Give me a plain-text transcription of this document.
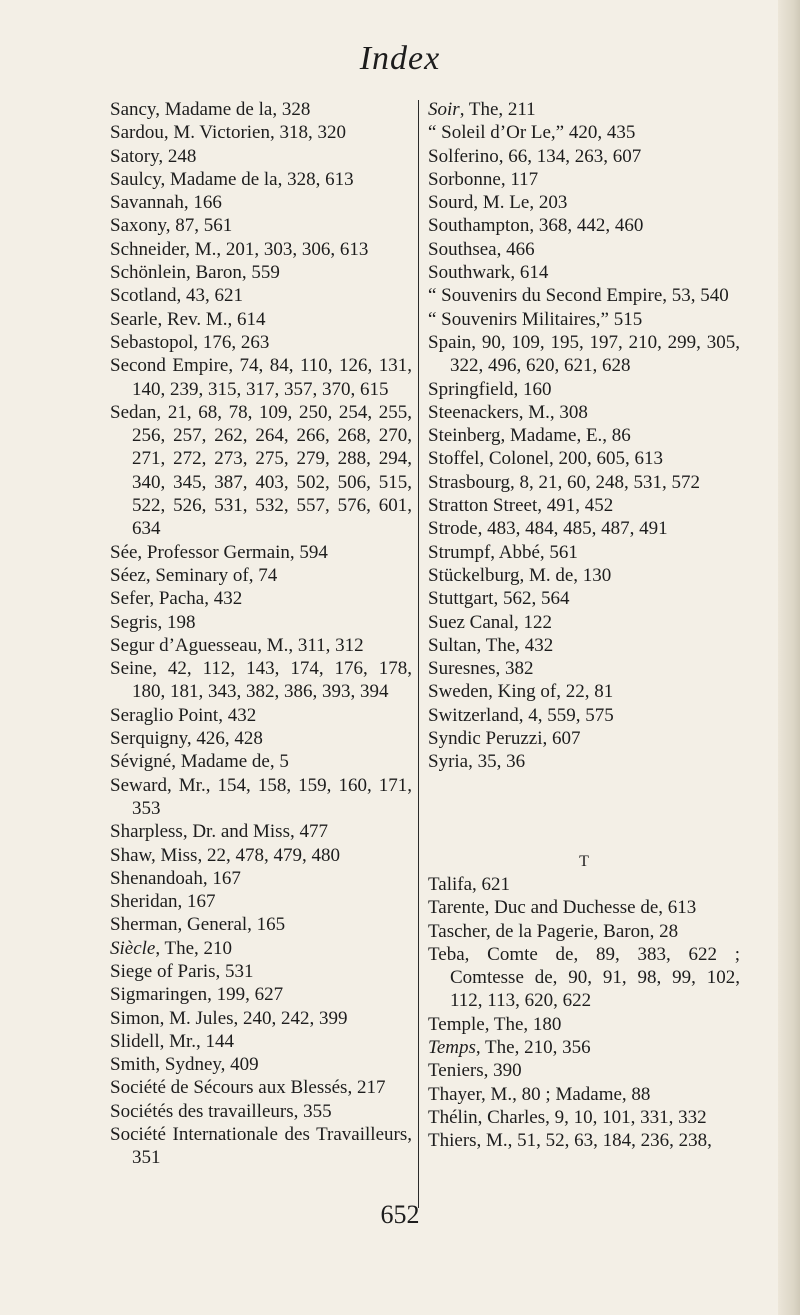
Index
Sancy, Madame de la, 328
Sardou, M. Victorien, 318, 320
Satory, 248
Saulcy, Madame de la, 328, 613
Savannah, 166
Saxony, 87, 561
Schneider, M., 201, 303, 306, 613
Schönlein, Baron, 559
Scotland, 43, 621
Searle, Rev. M., 614
Sebastopol, 176, 263
Second Empire, 74, 84, 110, 126, 131, 140, 239, 315, 317, 357, 370, 615
Sedan, 21, 68, 78, 109, 250, 254, 255, 256, 257, 262, 264, 266, 268, 270, 271, 272, 273, 275, 279, 288, 294, 340, 345, 387, 403, 502, 506, 515, 522, 526, 531, 532, 557, 576, 601, 634
Sée, Professor Germain, 594
Séez, Seminary of, 74
Sefer, Pacha, 432
Segris, 198
Segur d’Aguesseau, M., 311, 312
Seine, 42, 112, 143, 174, 176, 178, 180, 181, 343, 382, 386, 393, 394
Seraglio Point, 432
Serquigny, 426, 428
Sévigné, Madame de, 5
Seward, Mr., 154, 158, 159, 160, 171, 353
Sharpless, Dr. and Miss, 477
Shaw, Miss, 22, 478, 479, 480
Shenandoah, 167
Sheridan, 167
Sherman, General, 165
Siècle, The, 210
Siege of Paris, 531
Sigmaringen, 199, 627
Simon, M. Jules, 240, 242, 399
Slidell, Mr., 144
Smith, Sydney, 409
Société de Sécours aux Blessés, 217
Sociétés des travailleurs, 355
Société Internationale des Travailleurs, 351
Soir, The, 211
“ Soleil d’Or Le,” 420, 435
Solferino, 66, 134, 263, 607
Sorbonne, 117
Sourd, M. Le, 203
Southampton, 368, 442, 460
Southsea, 466
Southwark, 614
“ Souvenirs du Second Empire, 53, 540
“ Souvenirs Militaires,” 515
Spain, 90, 109, 195, 197, 210, 299, 305, 322, 496, 620, 621, 628
Springfield, 160
Steenackers, M., 308
Steinberg, Madame, E., 86
Stoffel, Colonel, 200, 605, 613
Strasbourg, 8, 21, 60, 248, 531, 572
Stratton Street, 491, 452
Strode, 483, 484, 485, 487, 491
Strumpf, Abbé, 561
Stückelburg, M. de, 130
Stuttgart, 562, 564
Suez Canal, 122
Sultan, The, 432
Suresnes, 382
Sweden, King of, 22, 81
Switzerland, 4, 559, 575
Syndic Peruzzi, 607
Syria, 35, 36
T
Talifa, 621
Tarente, Duc and Duchesse de, 613
Tascher, de la Pagerie, Baron, 28
Teba, Comte de, 89, 383, 622 ; Comtesse de, 90, 91, 98, 99, 102, 112, 113, 620, 622
Temple, The, 180
Temps, The, 210, 356
Teniers, 390
Thayer, M., 80 ; Madame, 88
Thélin, Charles, 9, 10, 101, 331, 332
Thiers, M., 51, 52, 63, 184, 236, 238,
652
